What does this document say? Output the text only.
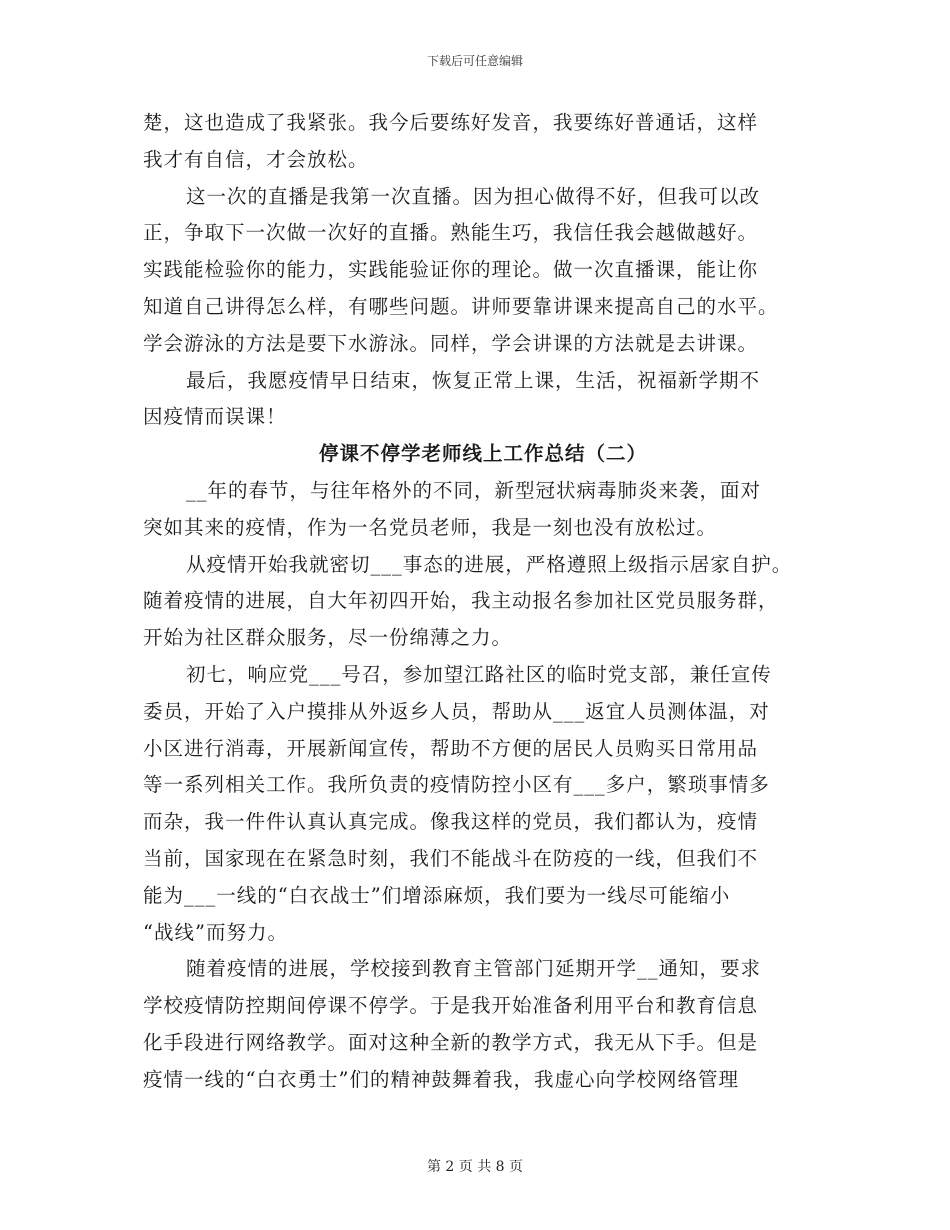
下载后可任意编辑
楚，这也造成了我紧张。我今后要练好发音，我要练好普通话，这样
我才有自信，才会放松。
这一次的直播是我第一次直播。因为担心做得不好，但我可以改
正，争取下一次做一次好的直播。熟能生巧，我信任我会越做越好。
实践能检验你的能力，实践能验证你的理论。做一次直播课，能让你
知道自己讲得怎么样，有哪些问题。讲师要靠讲课来提高自己的水平。
学会游泳的方法是要下水游泳。同样，学会讲课的方法就是去讲课。
最后，我愿疫情早日结束，恢复正常上课，生活，祝福新学期不
因疫情而误课！
停课不停学老师线上工作总结（二）
__年的春节，与往年格外的不同，新型冠状病毒肺炎来袭，面对
突如其来的疫情，作为一名党员老师，我是一刻也没有放松过。
从疫情开始我就密切___事态的进展，严格遵照上级指示居家自护。
随着疫情的进展，自大年初四开始，我主动报名参加社区党员服务群，
开始为社区群众服务，尽一份绵薄之力。
初七，响应党___号召，参加望江路社区的临时党支部，兼任宣传
委员，开始了入户摸排从外返乡人员，帮助从___返宜人员测体温，对
小区进行消毒，开展新闻宣传，帮助不方便的居民人员购买日常用品
等一系列相关工作。我所负责的疫情防控小区有___多户，繁琐事情多
而杂，我一件件认真认真完成。像我这样的党员，我们都认为，疫情
当前，国家现在在紧急时刻，我们不能战斗在防疫的一线，但我们不
能为___一线的“白衣战士”们增添麻烦，我们要为一线尽可能缩小
“战线”而努力。
随着疫情的进展，学校接到教育主管部门延期开学__通知，要求
学校疫情防控期间停课不停学。于是我开始准备利用平台和教育信息
化手段进行网络教学。面对这种全新的教学方式，我无从下手。但是
疫情一线的“白衣勇士”们的精神鼓舞着我，我虚心向学校网络管理
第 2 页 共 8 页
